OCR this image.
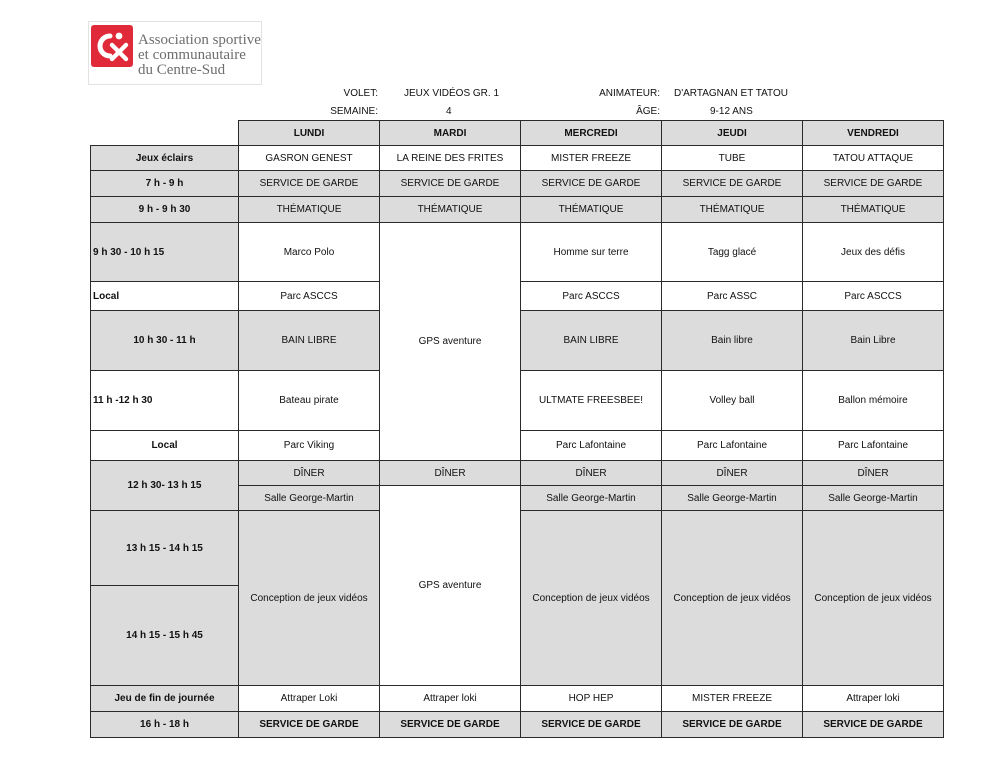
Association sportive
et communautaire
du Centre-Sud
VOLET:	JEUX VIDÉOS GR. 1
SEMAINE:	4
ANIMATEUR: D'ARTAGNAN ET TATOU
ÂGE:	9-12 ANS
	LUNDI	MARDI	MERCREDI	JEUDI	VENDREDI
Jeux éclairs	GASRON GENEST	LA REINE DES FRITES	MISTER FREEZE	TUBE	TATOU ATTAQUE
7 h - 9 h	SERVICE DE GARDE	SERVICE DE GARDE	SERVICE DE GARDE	SERVICE DE GARDE	SERVICE DE GARDE
9 h - 9 h 30	THÉMATIQUE	THÉMATIQUE	THÉMATIQUE	THÉMATIQUE	THÉMATIQUE
9 h 30 - 10 h 15	Marco Polo	GPS aventure	Homme sur terre	Tagg glacé	Jeux des défis
Local	Parc ASCCS		Parc ASCCS	Parc ASSC	Parc ASCCS
10 h 30 - 11 h	BAIN LIBRE		BAIN LIBRE	Bain libre	Bain Libre
11 h -12 h 30	Bateau pirate		ULTMATE FREESBEE!	Volley ball	Ballon mémoire
Local	Parc Viking		Parc Lafontaine	Parc Lafontaine	Parc Lafontaine
12 h 30- 13 h 15	DÎNER	DÎNER	DÎNER	DÎNER	DÎNER
	Salle George-Martin	GPS aventure	Salle George-Martin	Salle George-Martin	Salle George-Martin
13 h 15 - 14 h 15	Conception de jeux vidéos		Conception de jeux vidéos	Conception de jeux vidéos	Conception de jeux vidéos
14 h 15 - 15 h 45					
Jeu de fin de journée	Attraper Loki	Attraper loki	HOP HEP	MISTER FREEZE	Attraper loki
16 h - 18 h	SERVICE DE GARDE	SERVICE DE GARDE	SERVICE DE GARDE	SERVICE DE GARDE	SERVICE DE GARDE
